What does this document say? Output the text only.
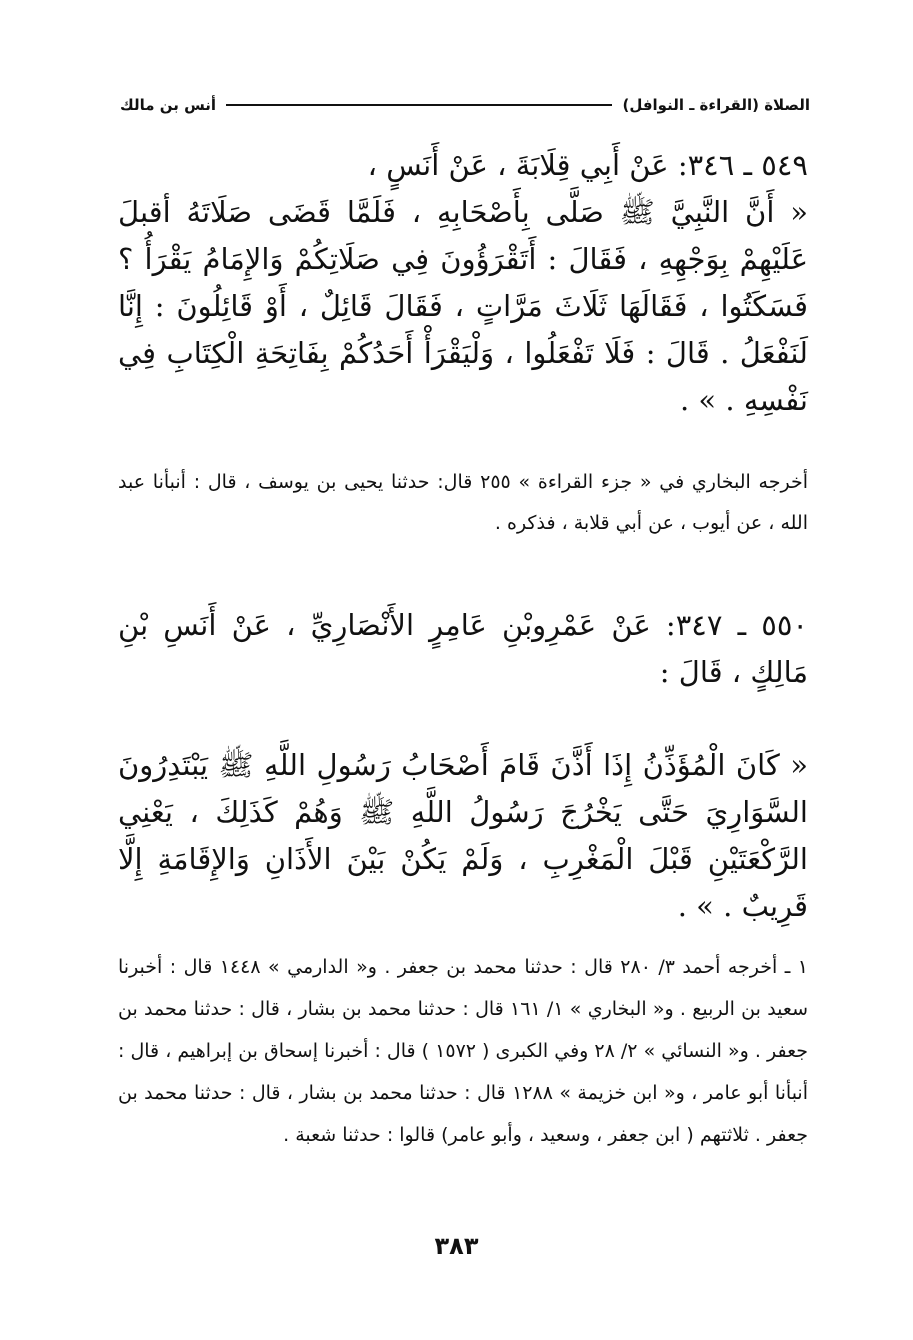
الصلاة (القراءة ـ النوافل)
أنس بن مالك

٥٤٩ ـ ٣٤٦: عَنْ أَبِي قِلَابَةَ ، عَنْ أَنَسٍ ،

« أَنَّ النَّبِيَّ ﷺ صَلَّى بِأَصْحَابِهِ ، فَلَمَّا قَضَى صَلَاتَهُ أقبلَ عَلَيْهِمْ بِوَجْهِهِ ، فَقَالَ : أَتَقْرَؤُونَ فِي صَلَاتِكُمْ وَالإِمَامُ يَقْرَأُ ؟ فَسَكَتُوا ، فَقَالَهَا ثَلَاثَ مَرَّاتٍ ، فَقَالَ قَائِلٌ ، أَوْ قَائِلُونَ : إِنَّا لَنَفْعَلُ . قَالَ : فَلَا تَفْعَلُوا ، وَلْيَقْرَأْ أَحَدُكُمْ بِفَاتِحَةِ الْكِتَابِ فِي نَفْسِهِ . » .

أخرجه البخاري في « جزء القراءة » ٢٥٥ قال: حدثنا يحيى بن يوسف ، قال : أنبأنا عبد الله ، عن أيوب ، عن أبي قلابة ، فذكره .
٥٥٠ ـ ٣٤٧: عَنْ عَمْرِوبْنِ عَامِرٍ الأَنْصَارِيِّ ، عَنْ أَنَسِ بْنِ مَالِكٍ ، قَالَ :
« كَانَ الْمُؤَذِّنُ إِذَا أَذَّنَ قَامَ أَصْحَابُ رَسُولِ اللَّهِ ﷺ يَبْتَدِرُونَ السَّوَارِيَ حَتَّى يَخْرُجَ رَسُولُ اللَّهِ ﷺ وَهُمْ كَذَلِكَ ، يَعْنِي الرَّكْعَتَيْنِ قَبْلَ الْمَغْرِبِ ، وَلَمْ يَكُنْ بَيْنَ الأَذَانِ وَالإِقَامَةِ إِلَّا قَرِيبٌ . » .
١ ـ أخرجه أحمد ٣/ ٢٨٠ قال : حدثنا محمد بن جعفر . و« الدارمي » ١٤٤٨ قال : أخبرنا سعيد بن الربيع . و« البخاري » ١/ ١٦١ قال : حدثنا محمد بن بشار ، قال : حدثنا محمد بن جعفر . و« النسائي » ٢/ ٢٨ وفي الكبرى ( ١٥٧٢ ) قال : أخبرنا إسحاق بن إبراهيم ، قال : أنبأنا أبو عامر ، و« ابن خزيمة » ١٢٨٨ قال : حدثنا محمد بن بشار ، قال : حدثنا محمد بن جعفر . ثلاثتهم ( ابن جعفر ، وسعيد ، وأبو عامر) قالوا : حدثنا شعبة .
٣٨٣
